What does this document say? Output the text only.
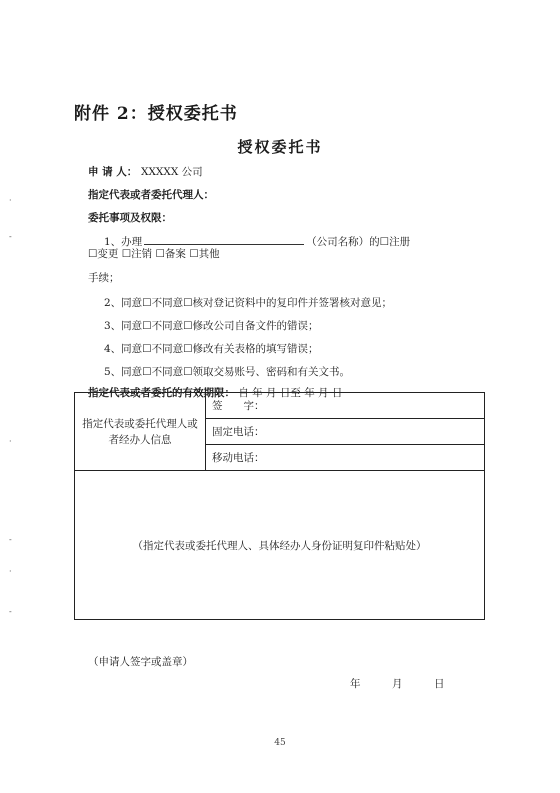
附件 2：授权委托书
授权委托书
申 请 人： XXXXX 公司
指定代表或者委托代理人：
委托事项及权限：
1、办理	（公司名称）的☐注册
☐变更 ☐注销 ☐备案 ☐其他
手续；
2、同意☐不同意☐核对登记资料中的复印件并签署核对意见；
3、同意☐不同意☐修改公司自备文件的错误；
4、同意☐不同意☐修改有关表格的填写错误；
5、同意☐不同意☐领取交易账号、密码和有关文书。
指定代表或者委托的有效期限： 自 年 月 日至 年 月 日
指定代表或委托代理人或者经办人信息	签　　字：
固定电话：
移动电话：
（指定代表或委托代理人、具体经办人身份证明复印件粘贴处）
（申请人签字或盖章）
年　　　月　　　日
45
·
-
·
-
·
-
